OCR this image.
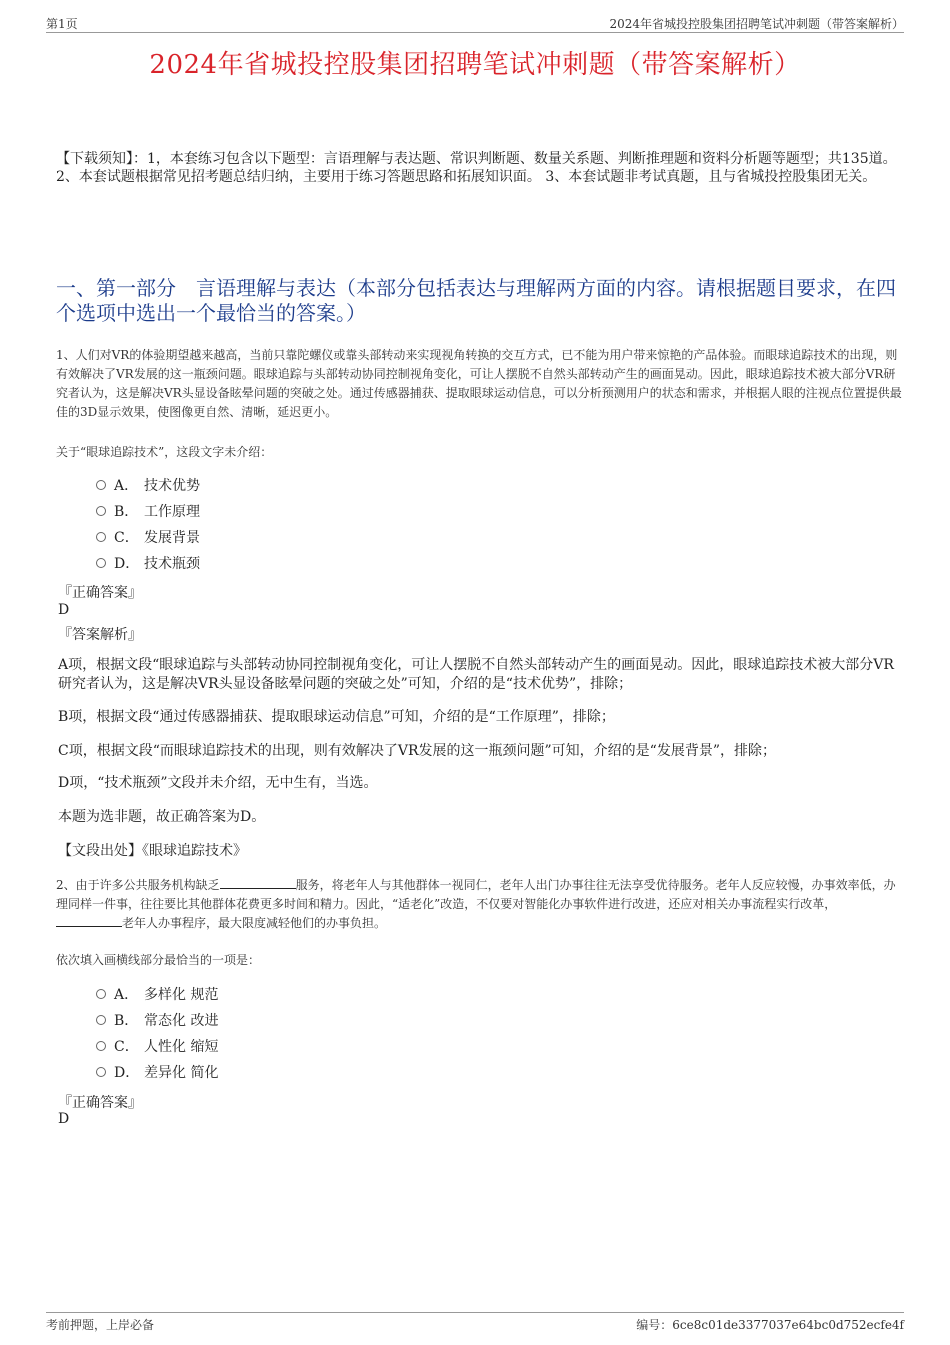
第1页	2024年省城投控股集团招聘笔试冲刺题（带答案解析）
2024年省城投控股集团招聘笔试冲刺题（带答案解析）
【下载须知】：1，本套练习包含以下题型：言语理解与表达题、常识判断题、数量关系题、判断推理题和资料分析题等题型；共135道。 2、本套试题根据常见招考题总结归纳，主要用于练习答题思路和拓展知识面。 3、本套试题非考试真题，且与省城投控股集团无关。
一、第一部分　言语理解与表达（本部分包括表达与理解两方面的内容。请根据题目要求，在四个选项中选出一个最恰当的答案。）
1、人们对VR的体验期望越来越高，当前只靠陀螺仪或靠头部转动来实现视角转换的交互方式，已不能为用户带来惊艳的产品体验。而眼球追踪技术的出现，则有效解决了VR发展的这一瓶颈问题。眼球追踪与头部转动协同控制视角变化，可让人摆脱不自然头部转动产生的画面晃动。因此，眼球追踪技术被大部分VR研究者认为，这是解决VR头显设备眩晕问题的突破之处。通过传感器捕获、提取眼球运动信息，可以分析预测用户的状态和需求，并根据人眼的注视点位置提供最佳的3D显示效果，使图像更自然、清晰，延迟更小。
关于“眼球追踪技术”，这段文字未介绍：
A． 技术优势
B． 工作原理
C． 发展背景
D． 技术瓶颈
『正确答案』
D
『答案解析』
A项，根据文段“眼球追踪与头部转动协同控制视角变化，可让人摆脱不自然头部转动产生的画面晃动。因此，眼球追踪技术被大部分VR研究者认为，这是解决VR头显设备眩晕问题的突破之处”可知，介绍的是“技术优势”，排除；
B项，根据文段“通过传感器捕获、提取眼球运动信息”可知，介绍的是“工作原理”，排除；
C项，根据文段“而眼球追踪技术的出现，则有效解决了VR发展的这一瓶颈问题”可知，介绍的是“发展背景”，排除；
D项，“技术瓶颈”文段并未介绍，无中生有，当选。
本题为选非题，故正确答案为D。
【文段出处】《眼球追踪技术》
2、由于许多公共服务机构缺乏	服务，将老年人与其他群体一视同仁，老年人出门办事往往无法享受优待服务。老年人反应较慢，办事效率低，办理同样一件事，往往要比其他群体花费更多时间和精力。因此，“适老化”改造，不仅要对智能化办事软件进行改进，还应对相关办事流程实行改革，老年人办事程序，最大限度减轻他们的办事负担。
依次填入画横线部分最恰当的一项是：
A． 多样化 规范
B． 常态化 改进
C． 人性化 缩短
D． 差异化 简化
『正确答案』
D
考前押题，上岸必备	编号：6ce8c01de3377037e64bc0d752ecfe4f
